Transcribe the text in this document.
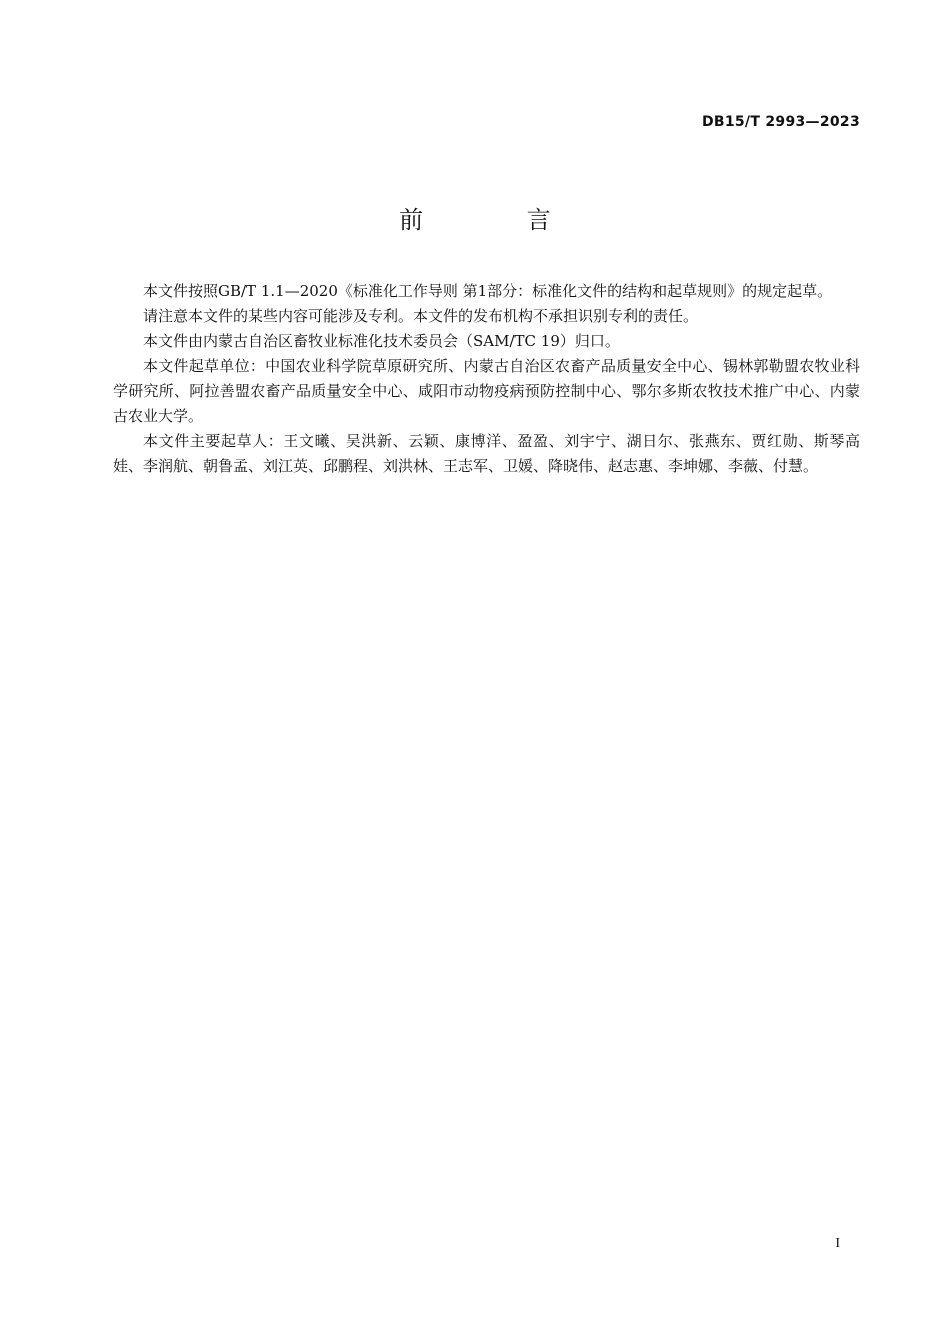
DB15/T 2993—2023
前 言

本文件按照GB/T 1.1—2020《标准化工作导则 第1部分：标准化文件的结构和起草规则》的规定起草。

请注意本文件的某些内容可能涉及专利。本文件的发布机构不承担识别专利的责任。

本文件由内蒙古自治区畜牧业标准化技术委员会（SAM/TC 19）归口。

本文件起草单位：中国农业科学院草原研究所、内蒙古自治区农畜产品质量安全中心、锡林郭勒盟农牧业科学研究所、阿拉善盟农畜产品质量安全中心、咸阳市动物疫病预防控制中心、鄂尔多斯农牧技术推广中心、内蒙古农业大学。

本文件主要起草人：王文曦、吴洪新、云颖、康博洋、盈盈、刘宇宁、湖日尔、张燕东、贾红勋、斯琴高娃、李润航、朝鲁孟、刘江英、邱鹏程、刘洪林、王志军、卫媛、降晓伟、赵志惠、李坤娜、李薇、付慧。

I
